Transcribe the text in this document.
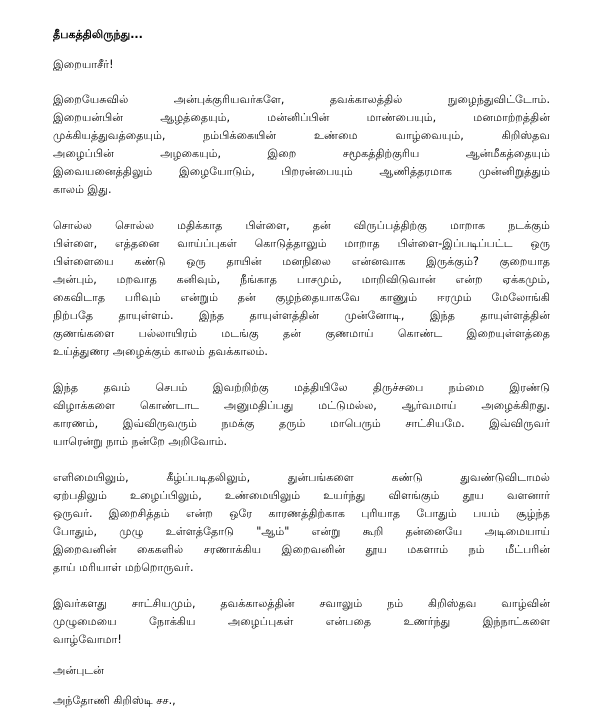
தீபகத்திலிருந்து...
இறையாசீர்!
இறையேசுவில் அன்புக்குரியவர்களே, தவக்காலத்தில் நுழைந்துவிட்டோம்.
இறையன்பின் ஆழத்தையும், மன்னிப்பின் மாண்பையும், மனமாற்றத்தின்
முக்கியத்துவத்தையும், நம்பிக்கையின் உண்மை வாழ்வையும், கிறிஸ்தவ
அழைப்பின் அழகையும், இறை சமூகத்திற்குரிய ஆன்மீகத்தையும்
இவையனைத்திலும் இழையோடும், பிறரன்பையும் ஆணித்தரமாக முன்னிறுத்தும்
காலம் இது.
சொல்ல சொல்ல மதிக்காத பிள்ளை, தன் விருப்பத்திற்கு மாறாக நடக்கும்
பிள்ளை, எத்தனை வாய்ப்புகள் கொடுத்தாலும் மாறாத பிள்ளை-இப்படிப்பட்ட ஒரு
பிள்ளையை கண்டு ஒரு தாயின் மனநிலை என்னவாக இருக்கும்? குறையாத
அன்பும், மறவாத கனிவும், நீங்காத பாசமும், மாறிவிடுவான் என்ற ஏக்கமும்,
கைவிடாத பரிவும் என்றும் தன் குழந்தையாகவே காணும் ஈரமும் மேலோங்கி
நிற்பதே தாயுள்ளம். இந்த தாயுள்ளத்தின் முன்னோடி, இந்த தாயுள்ளத்தின்
குணங்களை பல்லாயிரம் மடங்கு தன் குணமாய் கொண்ட இறையுள்ளத்தை
உய்த்துணர அழைக்கும் காலம் தவக்காலம்.
இந்த தவம் செபம் இவற்றிற்கு மத்தியிலே திருச்சபை நம்மை இரண்டு
விழாக்களை கொண்டாட அனுமதிப்பது மட்டுமல்ல, ஆர்வமாய் அழைக்கிறது.
காரணம், இவ்விருவரும் நமக்கு தரும் மாபெரும் சாட்சியமே. இவ்விருவர்
யாரென்று நாம் நன்றே அறிவோம்.
எளிமையிலும், கீழ்ப்படிதலிலும், துன்பங்களை கண்டு துவண்டுவிடாமல்
ஏற்பதிலும் உழைப்பிலும், உண்மையிலும் உயர்ந்து விளங்கும் தூய வளனார்
ஒருவர். இறைசித்தம் என்ற ஒரே காரணத்திற்காக புரியாத போதும் பயம் சூழ்ந்த
போதும், முழு உள்ளத்தோடு "ஆம்" என்று கூறி தன்னையே அடிமையாய்
இறைவனின் கைகளில் சரணாக்கிய இறைவனின் தூய மகளாம் நம் மீட்பரின்
தாய் மரியாள் மற்றொருவர்.
இவர்களது சாட்சியமும், தவக்காலத்தின் சவாலும் நம் கிறிஸ்தவ வாழ்வின்
முழுமையை நோக்கிய அழைப்புகள் என்பதை உணர்ந்து இந்நாட்களை
வாழ்வோமா!
அன்புடன்
அந்தோணி கிறிஸ்டி சச.,
